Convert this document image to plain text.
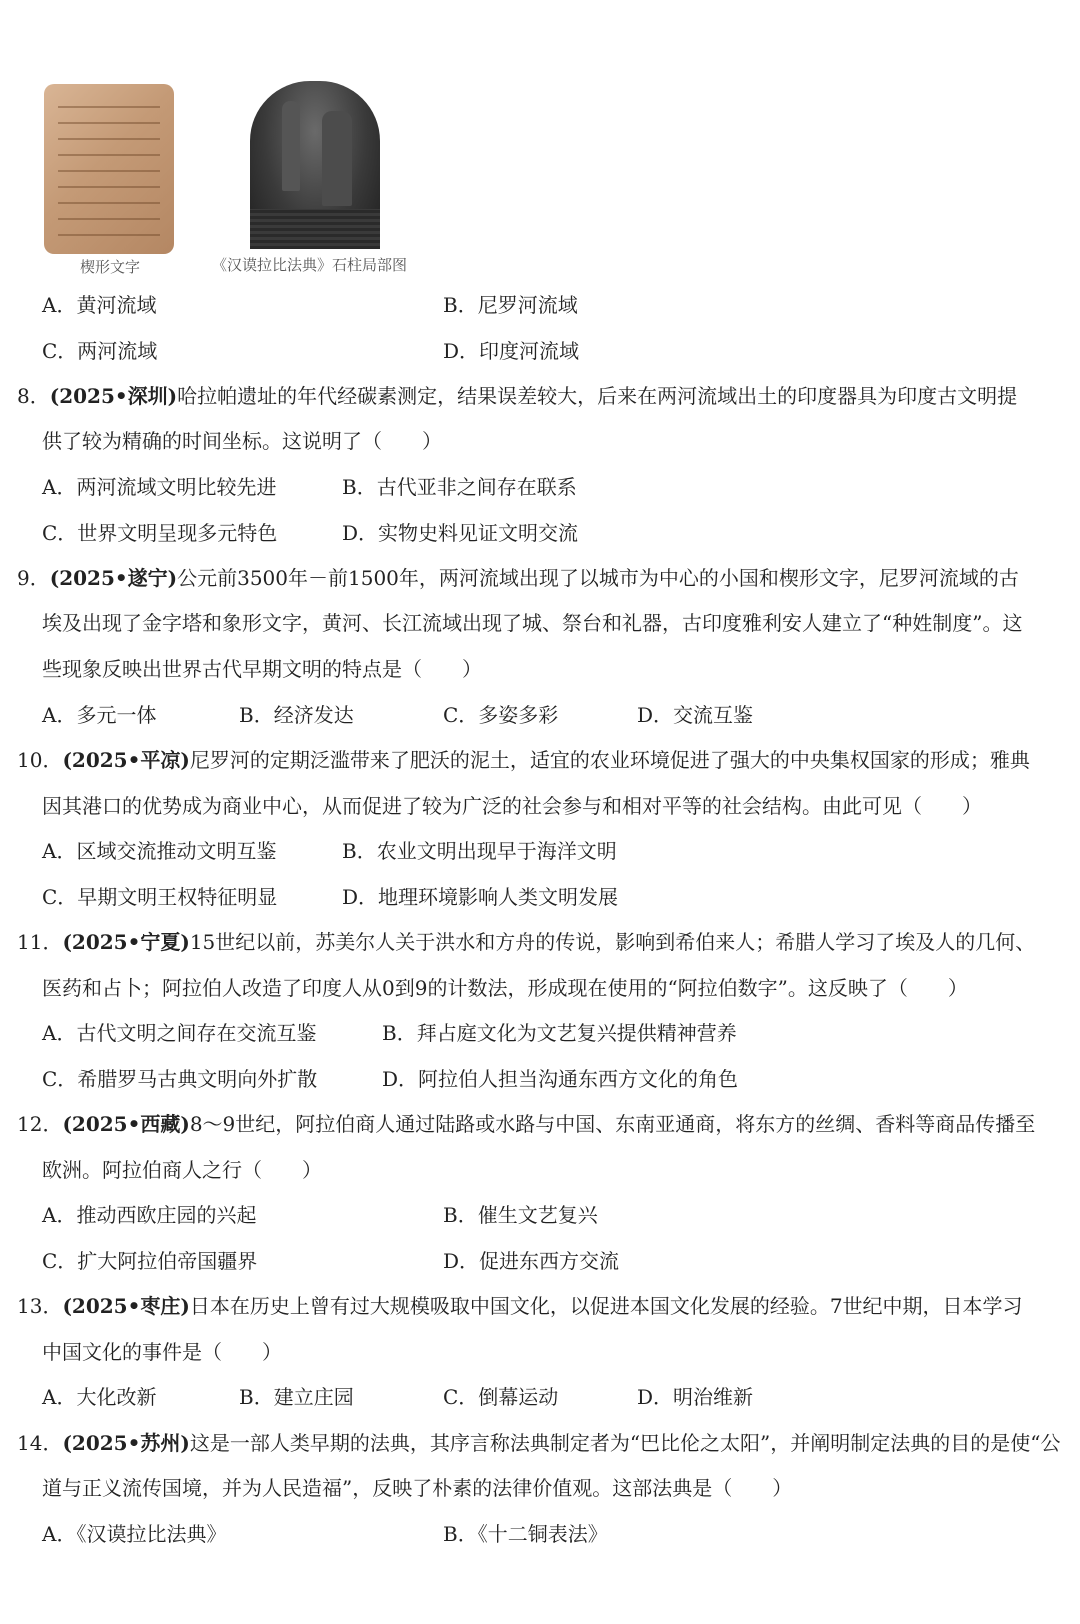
楔形文字	《汉谟拉比法典》石柱局部图
A．黄河流域	B．尼罗河流域
C．两河流域	D．印度河流域
8．(2025•深圳)哈拉帕遗址的年代经碳素测定，结果误差较大，后来在两河流域出土的印度器具为印度古文明提
供了较为精确的时间坐标。这说明了（　　）
A．两河流域文明比较先进	B．古代亚非之间存在联系
C．世界文明呈现多元特色	D．实物史料见证文明交流
9．(2025•遂宁)公元前3500年－前1500年，两河流域出现了以城市为中心的小国和楔形文字，尼罗河流域的古
埃及出现了金字塔和象形文字，黄河、长江流域出现了城、祭台和礼器，古印度雅利安人建立了“种姓制度”。这
些现象反映出世界古代早期文明的特点是（　　）
A．多元一体	B．经济发达	C．多姿多彩	D．交流互鉴
10．(2025•平凉)尼罗河的定期泛滥带来了肥沃的泥土，适宜的农业环境促进了强大的中央集权国家的形成；雅典
因其港口的优势成为商业中心，从而促进了较为广泛的社会参与和相对平等的社会结构。由此可见（　　）
A．区域交流推动文明互鉴	B．农业文明出现早于海洋文明
C．早期文明王权特征明显	D．地理环境影响人类文明发展
11．(2025•宁夏)15世纪以前，苏美尔人关于洪水和方舟的传说，影响到希伯来人；希腊人学习了埃及人的几何、
医药和占卜；阿拉伯人改造了印度人从0到9的计数法，形成现在使用的“阿拉伯数字”。这反映了（　　）
A．古代文明之间存在交流互鉴	B．拜占庭文化为文艺复兴提供精神营养
C．希腊罗马古典文明向外扩散	D．阿拉伯人担当沟通东西方文化的角色
12．(2025•西藏)8～9世纪，阿拉伯商人通过陆路或水路与中国、东南亚通商，将东方的丝绸、香料等商品传播至
欧洲。阿拉伯商人之行（　　）
A．推动西欧庄园的兴起	B．催生文艺复兴
C．扩大阿拉伯帝国疆界	D．促进东西方交流
13．(2025•枣庄)日本在历史上曾有过大规模吸取中国文化，以促进本国文化发展的经验。7世纪中期，日本学习
中国文化的事件是（　　）
A．大化改新	B．建立庄园	C．倒幕运动	D．明治维新
14．(2025•苏州)这是一部人类早期的法典，其序言称法典制定者为“巴比伦之太阳”，并阐明制定法典的目的是使“公
道与正义流传国境，并为人民造福”，反映了朴素的法律价值观。这部法典是（　　）
A．《汉谟拉比法典》	B．《十二铜表法》
